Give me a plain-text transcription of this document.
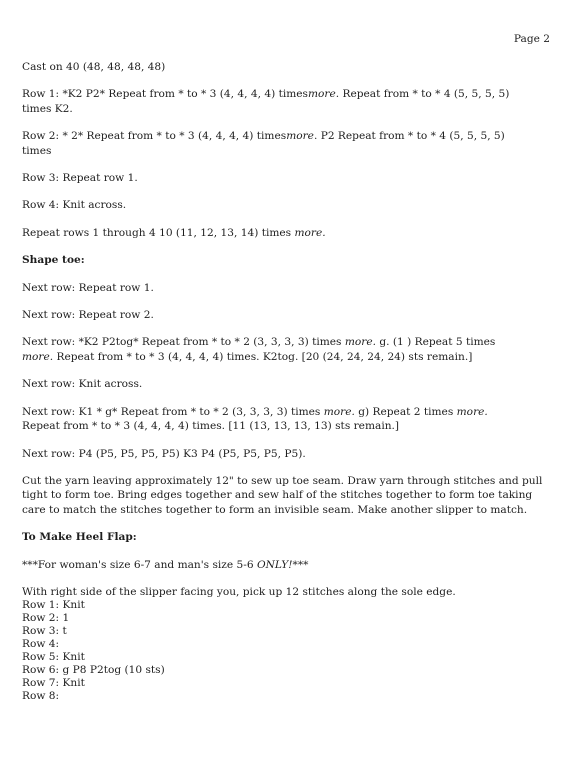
Page 2

Cast on 40 (48, 48, 48, 48)

Row 1: *K2 P2* Repeat from * to * 3 (4, 4, 4, 4) timesmore. Repeat from * to * 4 (5, 5, 5, 5)
times K2.

Row 2: * 2* Repeat from * to * 3 (4, 4, 4, 4) timesmore. P2 Repeat from * to * 4 (5, 5, 5, 5)
times

Row 3: Repeat row 1.

Row 4: Knit across.

Repeat rows 1 through 4 10 (11, 12, 13, 14) times more.

Shape toe:

Next row: Repeat row 1.

Next row: Repeat row 2.

Next row: *K2 P2tog* Repeat from * to * 2 (3, 3, 3, 3) times more. g. (1 ) Repeat 5 times
more. Repeat from * to * 3 (4, 4, 4, 4) times. K2tog. [20 (24, 24, 24, 24) sts remain.]

Next row: Knit across.

Next row: K1 * g* Repeat from * to * 2 (3, 3, 3, 3) times more. g) Repeat 2 times more.
Repeat from * to * 3 (4, 4, 4, 4) times. [11 (13, 13, 13, 13) sts remain.]

Next row: P4 (P5, P5, P5, P5) K3 P4 (P5, P5, P5, P5).

Cut the yarn leaving approximately 12" to sew up toe seam. Draw yarn through stitches and pull tight to form toe. Bring edges together and sew half of the stitches together to form toe taking care to match the stitches together to form an invisible seam. Make another slipper to match.

To Make Heel Flap:

***For woman's size 6-7 and man's size 5-6 ONLY!***

With right side of the slipper facing you, pick up 12 stitches along the sole edge.

Row 1: Knit

Row 2: 1

Row 3: t

Row 4:

Row 5: Knit

Row 6: g P8 P2tog (10 sts)

Row 7: Knit

Row 8:
